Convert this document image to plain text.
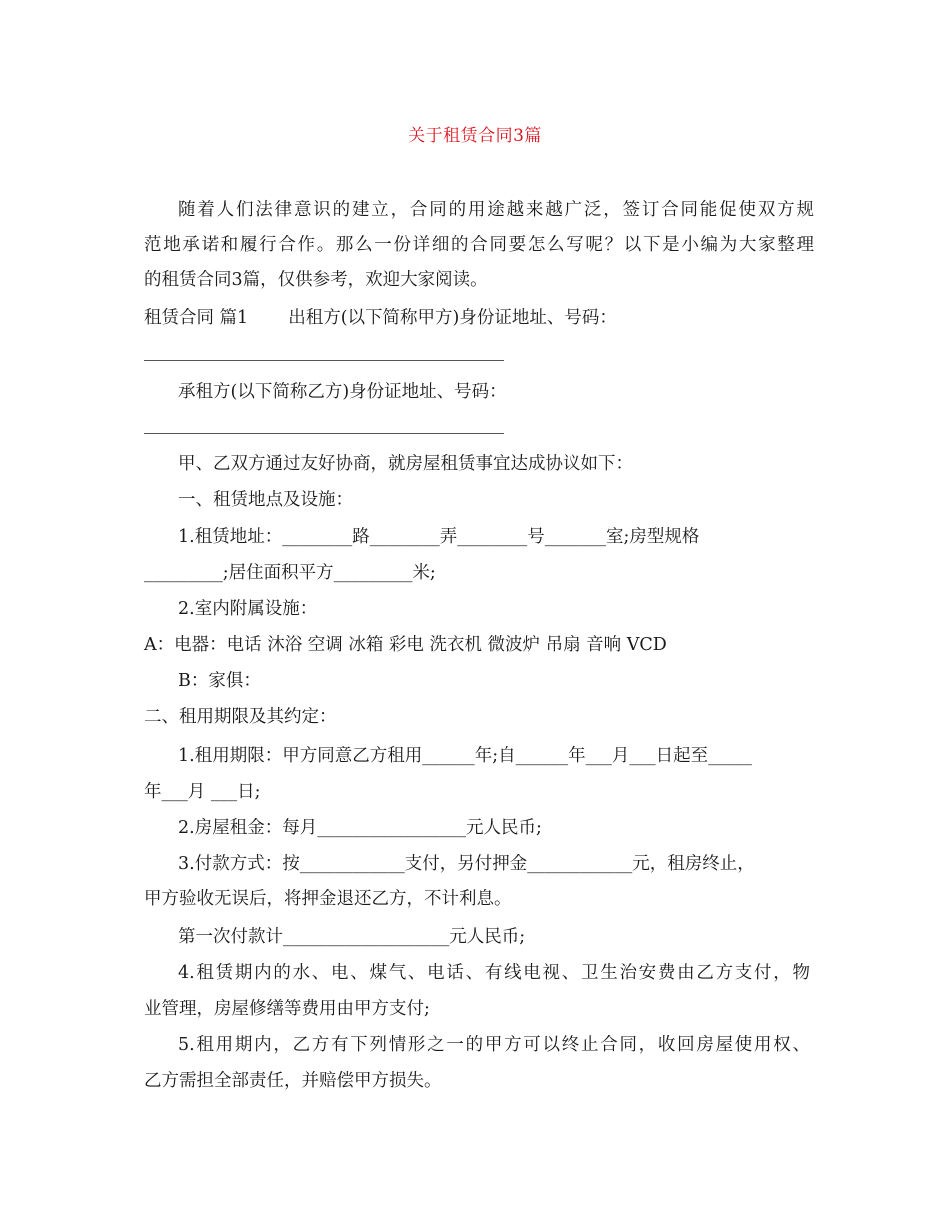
关于租赁合同3篇
随着人们法律意识的建立，合同的用途越来越广泛，签订合同能促使双方规
范地承诺和履行合作。那么一份详细的合同要怎么写呢？以下是小编为大家整理
的租赁合同3篇，仅供参考，欢迎大家阅读。
租赁合同 篇1 出租方(以下简称甲方)身份证地址、号码：
承租方(以下简称乙方)身份证地址、号码：
甲、乙双方通过友好协商，就房屋租赁事宜达成协议如下：
一、租赁地点及设施：
1.租赁地址：________路________弄________号_______室;房型规格
_________;居住面积平方_________米;
2.室内附属设施：
A：电器：电话 沐浴 空调 冰箱 彩电 洗衣机 微波炉 吊扇 音响 VCD
B：家俱：
二、租用期限及其约定：
1.租用期限：甲方同意乙方租用______年;自______年___月___日起至_____
年___月 ___日;
2.房屋租金：每月_________________元人民币;
3.付款方式：按____________支付，另付押金____________元，租房终止，
甲方验收无误后，将押金退还乙方，不计利息。
第一次付款计___________________元人民币;
4.租赁期内的水、电、煤气、电话、有线电视、卫生治安费由乙方支付，物
业管理，房屋修缮等费用由甲方支付;
5.租用期内，乙方有下列情形之一的甲方可以终止合同，收回房屋使用权、
乙方需担全部责任，并赔偿甲方损失。
